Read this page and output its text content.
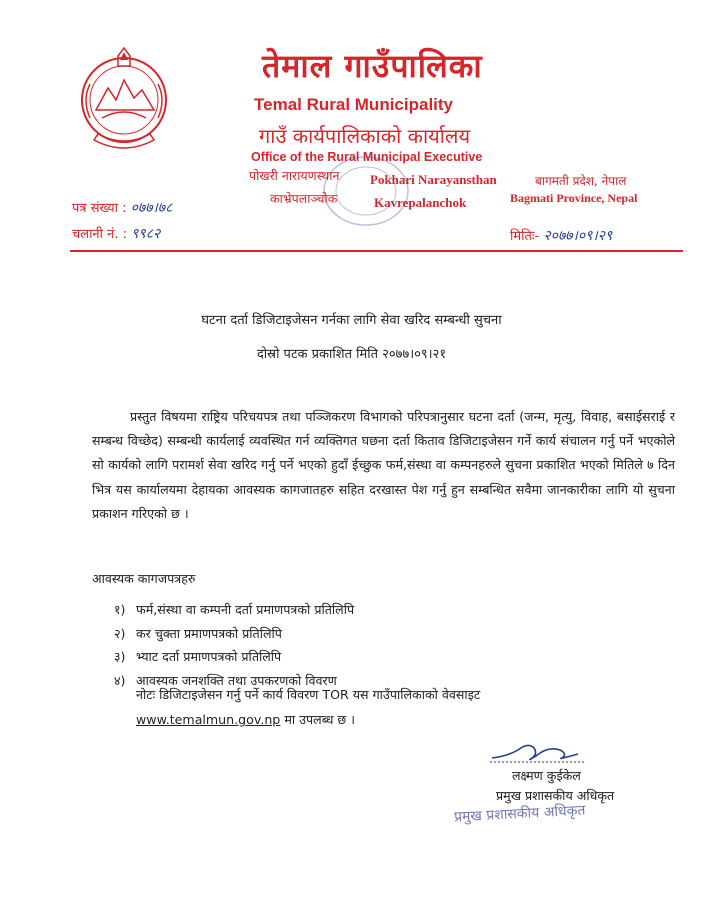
तेमाल गाउँपालिका
Temal Rural Municipality
गाउँ कार्यपालिकाको कार्यालय
Office of the Rural Municipal Executive
पोखरी नारायणस्थान Pokhari Narayansthan
काभ्रेपलाञ्चोक	Kavrepalanchok
बागमती प्रदेश, नेपाल
Bagmati Province, Nepal
पत्र संख्या : ०७७।७८
चलानी नं. : ९९८२	मितिः- २०७७।०९।२९
घटना दर्ता डिजिटाइजेसन गर्नका लागि सेवा खरिद सम्बन्धी सुचना
दोस्रो पटक प्रकाशित मिति २०७७।०९।२१
प्रस्तुत विषयमा राष्ट्रिय परिचयपत्र तथा पञ्जिकरण विभागको परिपत्रानुसार घटना दर्ता (जन्म, मृत्यु, विवाह, बसाईसराई र सम्बन्ध विच्छेद) सम्बन्धी कार्यलाई व्यवस्थित गर्न व्यक्तिगत घछना दर्ता किताव डिजिटाइजेसन गर्ने कार्य संचालन गर्नु पर्ने भएकोले सो कार्यको लागि परामर्श सेवा खरिद गर्नु पर्ने भएको हुदाँ ईच्छुक फर्म,संस्था वा कम्पनहरुले सुचना प्रकाशित भएको मितिले ७ दिन भित्र यस कार्यालयमा देहायका आवस्यक कागजातहरु सहित दरखास्त पेश गर्नु हुन सम्बन्धित सवैमा जानकारीका लागि यो सुचना प्रकाशन गरिएको छ ।
आवस्यक कागजपत्रहरु
१) फर्म,संस्था वा कम्पनी दर्ता प्रमाणपत्रको प्रतिलिपि
२) कर चुक्ता प्रमाणपत्रको प्रतिलिपि
३) भ्याट दर्ता प्रमाणपत्रको प्रतिलिपि
४) आवस्यक जनशक्ति तथा उपकरणको विवरण
नोटः डिजिटाइजेसन गर्नु पर्ने कार्य विवरण TOR यस गाउँपालिकाको वेवसाइट
www.temalmun.gov.np मा उपलब्ध छ ।
लक्ष्मण कुईकेल
प्रमुख प्रशासकीय अधिकृत
प्रमुख प्रशासकीय अधिकृत
